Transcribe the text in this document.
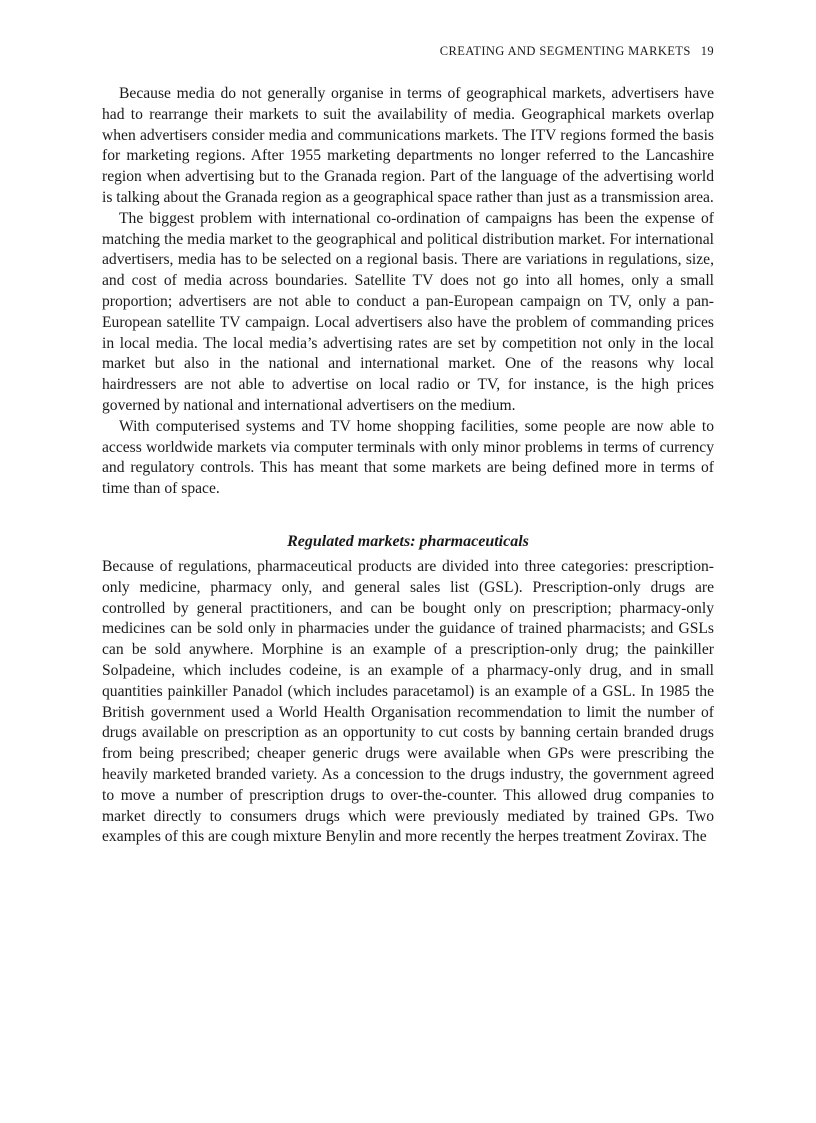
CREATING AND SEGMENTING MARKETS 19

Because media do not generally organise in terms of geographical markets, advertisers have had to rearrange their markets to suit the availability of media. Geographical markets overlap when advertisers consider media and communications markets. The ITV regions formed the basis for marketing regions. After 1955 marketing departments no longer referred to the Lancashire region when advertising but to the Granada region. Part of the language of the advertising world is talking about the Granada region as a geographical space rather than just as a transmission area.

The biggest problem with international co-ordination of campaigns has been the expense of matching the media market to the geographical and political distribution market. For international advertisers, media has to be selected on a regional basis. There are variations in regulations, size, and cost of media across boundaries. Satellite TV does not go into all homes, only a small proportion; advertisers are not able to conduct a pan-European campaign on TV, only a pan-European satellite TV campaign. Local advertisers also have the problem of commanding prices in local media. The local media’s advertising rates are set by competition not only in the local market but also in the national and international market. One of the reasons why local hairdressers are not able to advertise on local radio or TV, for instance, is the high prices governed by national and international advertisers on the medium.

With computerised systems and TV home shopping facilities, some people are now able to access worldwide markets via computer terminals with only minor problems in terms of currency and regulatory controls. This has meant that some markets are being defined more in terms of time than of space.

Regulated markets: pharmaceuticals

Because of regulations, pharmaceutical products are divided into three categories: prescription-only medicine, pharmacy only, and general sales list (GSL). Prescription-only drugs are controlled by general practitioners, and can be bought only on prescription; pharmacy-only medicines can be sold only in pharmacies under the guidance of trained pharmacists; and GSLs can be sold anywhere. Morphine is an example of a prescription-only drug; the painkiller Solpadeine, which includes codeine, is an example of a pharmacy-only drug, and in small quantities painkiller Panadol (which includes paracetamol) is an example of a GSL. In 1985 the British government used a World Health Organisation recommendation to limit the number of drugs available on prescription as an opportunity to cut costs by banning certain branded drugs from being prescribed; cheaper generic drugs were available when GPs were prescribing the heavily marketed branded variety. As a concession to the drugs industry, the government agreed to move a number of prescription drugs to over-the-counter. This allowed drug companies to market directly to consumers drugs which were previously mediated by trained GPs. Two examples of this are cough mixture Benylin and more recently the herpes treatment Zovirax. The
